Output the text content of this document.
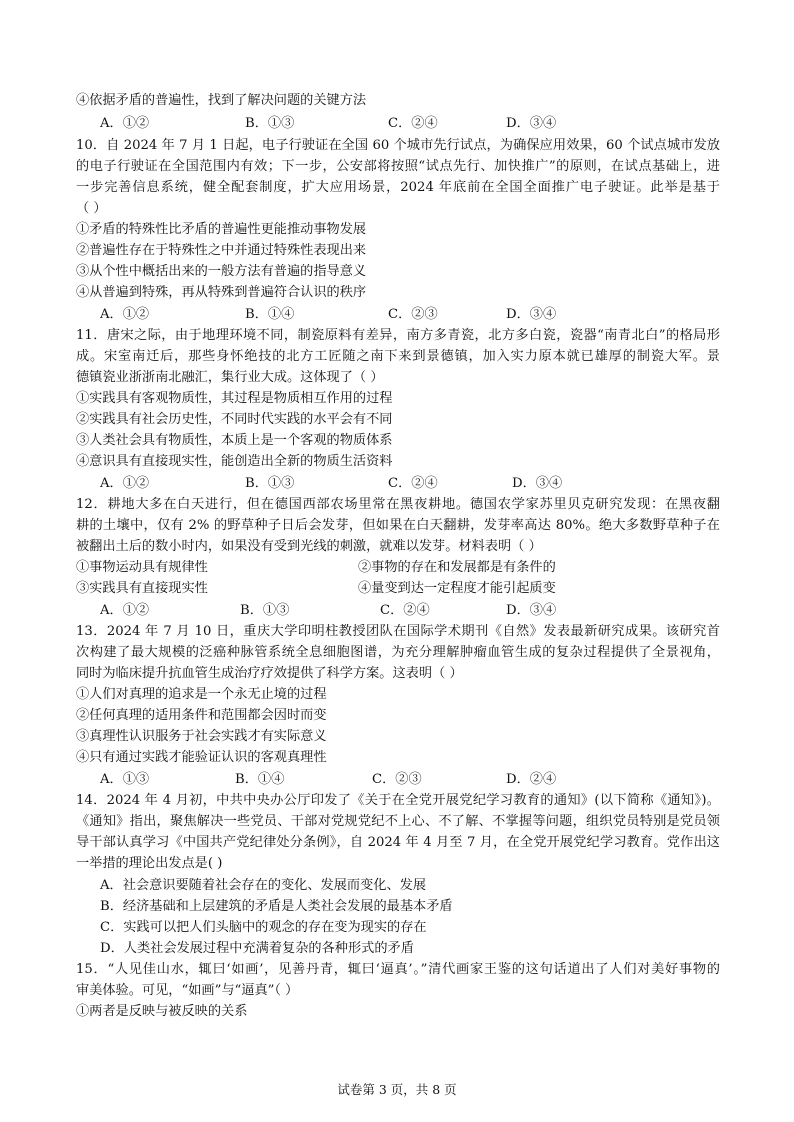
④依据矛盾的普遍性，找到了解决问题的关键方法
A．①②	B．①③	C．②④	D．③④
10．自 2024 年 7 月 1 日起，电子行驶证在全国 60 个城市先行试点，为确保应用效果，60 个试点城市发放
的电子行驶证在全国范围内有效；下一步，公安部将按照“试点先行、加快推广”的原则，在试点基础上，进
一步完善信息系统，健全配套制度，扩大应用场景，2024 年底前在全国全面推广电子驶证。此举是基于
（ ）
①矛盾的特殊性比矛盾的普遍性更能推动事物发展
②普遍性存在于特殊性之中并通过特殊性表现出来
③从个性中概括出来的一般方法有普遍的指导意义
④从普遍到特殊，再从特殊到普遍符合认识的秩序
A．①②	B．①④	C．②③	D．③④
11．唐宋之际，由于地理环境不同，制瓷原料有差异，南方多青瓷，北方多白瓷，瓷器“南青北白”的格局形
成。宋室南迁后，那些身怀绝技的北方工匠随之南下来到景德镇，加入实力原本就已雄厚的制瓷大军。景
德镇瓷业浙浙南北融汇，集行业大成。这体现了（ ）
①实践具有客观物质性，其过程是物质相互作用的过程
②实践具有社会历史性，不同时代实践的水平会有不同
③人类社会具有物质性，本质上是一个客观的物质体系
④意识具有直接现实性，能创造出全新的物质生活资料
A．①②	B．①③	C．②④	D．③④
12．耕地大多在白天进行，但在德国西部农场里常在黑夜耕地。德国农学家苏里贝克研究发现：在黑夜翻
耕的土壤中，仅有 2% 的野草种子日后会发芽，但如果在白天翻耕，发芽率高达 80%。绝大多数野草种子在
被翻出土后的数小时内，如果没有受到光线的刺激，就难以发芽。材料表明（ ）
①事物运动具有规律性	②事物的存在和发展都是有条件的
③实践具有直接现实性	④量变到达一定程度才能引起质变
A．①②	B．①③	C．②④	D．③④
13．2024 年 7 月 10 日，重庆大学印明柱教授团队在国际学术期刊《自然》发表最新研究成果。该研究首
次构建了最大规模的泛癌种脉管系统全息细胞图谱，为充分理解肿瘤血管生成的复杂过程提供了全景视角，
同时为临床提升抗血管生成治疗疗效提供了科学方案。这表明（ ）
①人们对真理的追求是一个永无止境的过程
②任何真理的适用条件和范围都会因时而变
③真理性认识服务于社会实践才有实际意义
④只有通过实践才能验证认识的客观真理性
A．①③	B．①④	C．②③	D．②④
14．2024 年 4 月初，中共中央办公厅印发了《关于在全党开展党纪学习教育的通知》(以下简称《通知》)。
《通知》指出，聚焦解决一些党员、干部对党规党纪不上心、不了解、不掌握等问题，组织党员特别是党员领
导干部认真学习《中国共产党纪律处分条例》，自 2024 年 4 月至 7 月，在全党开展党纪学习教育。党作出这
一举措的理论出发点是( )
A．社会意识要随着社会存在的变化、发展而变化、发展
B．经济基础和上层建筑的矛盾是人类社会发展的最基本矛盾
C．实践可以把人们头脑中的观念的存在变为现实的存在
D．人类社会发展过程中充满着复杂的各种形式的矛盾
15．“人见佳山水，辄曰‘如画’，见善丹青，辄曰‘逼真’。”清代画家王鉴的这句话道出了人们对美好事物的
审美体验。可见，“如画”与“逼真”（ ）
①两者是反映与被反映的关系
试卷第 3 页，共 8 页
